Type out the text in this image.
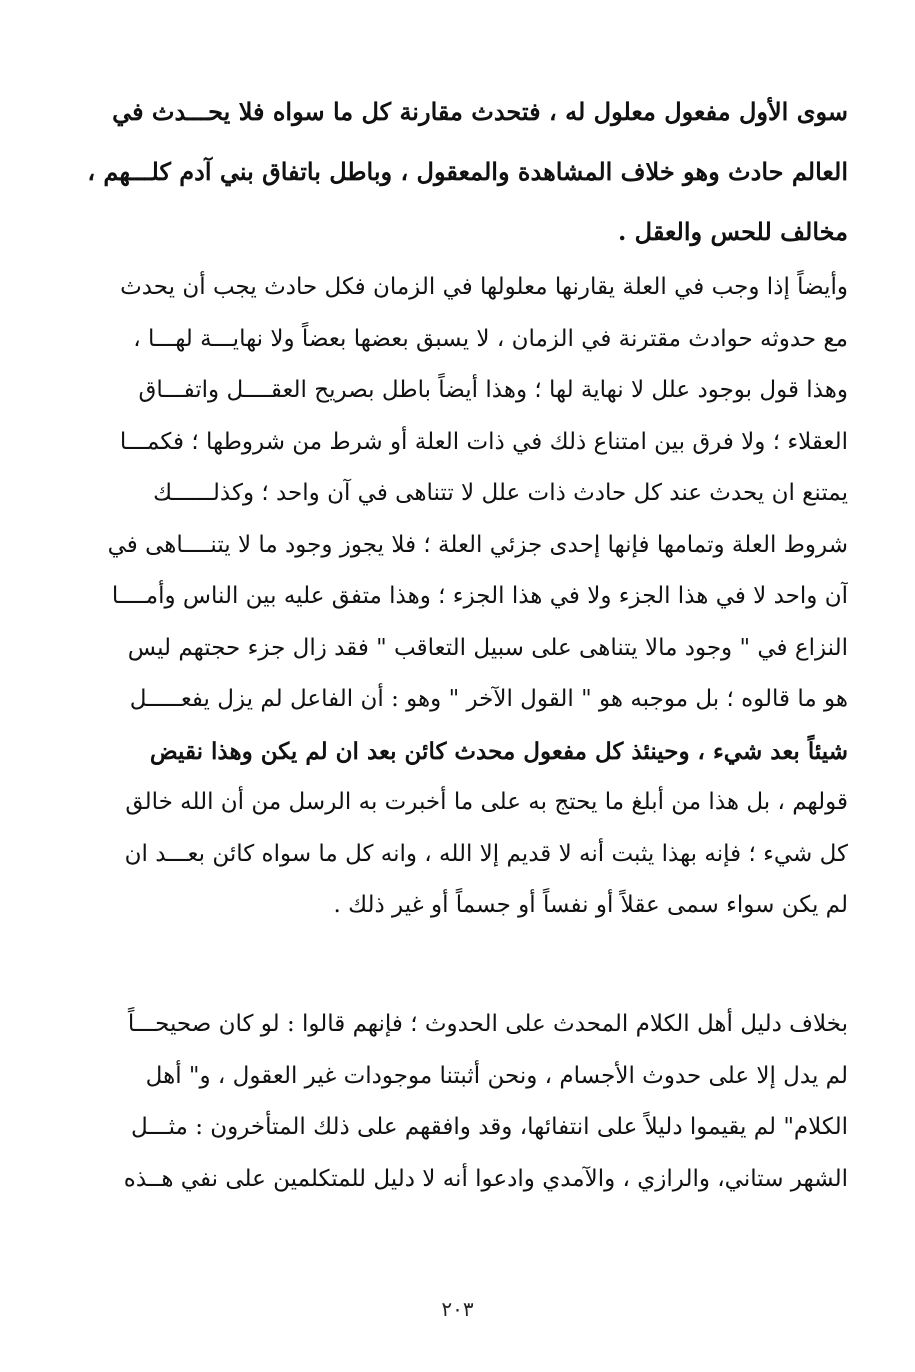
سوى الأول مفعول معلول له ، فتحدث مقارنة كل ما سواه فلا يحـــدث في
العالم حادث وهو خلاف المشاهدة والمعقول ، وباطل باتفاق بني آدم كلـــهم ،
مخالف للحس والعقل .
وأيضاً إذا وجب في العلة يقارنها معلولها في الزمان فكل حادث يجب أن يحدث
مع حدوثه حوادث مقترنة في الزمان ، لا يسبق بعضها بعضاً ولا نهايـــة لهـــا ،
وهذا قول بوجود علل لا نهاية لها ؛ وهذا أيضاً باطل بصريح العقــــل واتفـــاق
العقلاء ؛ ولا فرق بين امتناع ذلك في ذات العلة أو شرط من شروطها ؛ فكمـــا
يمتنع ان يحدث عند كل حادث ذات علل لا تتناهى في آن واحد ؛ وكذلــــــك
شروط العلة وتمامها فإنها إحدى جزئي العلة ؛ فلا يجوز وجود ما لا يتنــــاهى في
آن واحد لا في هذا الجزء ولا في هذا الجزء ؛ وهذا متفق عليه بين الناس وأمــــا
النزاع في " وجود مالا يتناهى على سبيل التعاقب " فقد زال جزء حجتهم ليس
هو ما قالوه ؛ بل موجبه هو " القول الآخر " وهو : أن الفاعل لم يزل يفعـــــل
شيئاً بعد شيء ، وحينئذ كل مفعول محدث كائن بعد ان لم يكن وهذا نقيض
قولهم ، بل هذا من أبلغ ما يحتج به على ما أخبرت به الرسل من أن الله خالق
كل شيء ؛ فإنه بهذا يثبت أنه لا قديم إلا الله ، وانه كل ما سواه كائن بعـــد ان
لم يكن سواء سمى عقلاً أو نفساً أو جسماً أو غير ذلك .
بخلاف دليل أهل الكلام المحدث على الحدوث ؛ فإنهم قالوا : لو كان صحيحـــاً
لم يدل إلا على حدوث الأجسام ، ونحن أثبتنا موجودات غير العقول ، و" أهل
الكلام" لم يقيموا دليلاً على انتفائها، وقد وافقهم على ذلك المتأخرون : مثـــل
الشهر ستاني، والرازي ، والآمدي وادعوا أنه لا دليل للمتكلمين على نفي هــذه
٢٠٣
